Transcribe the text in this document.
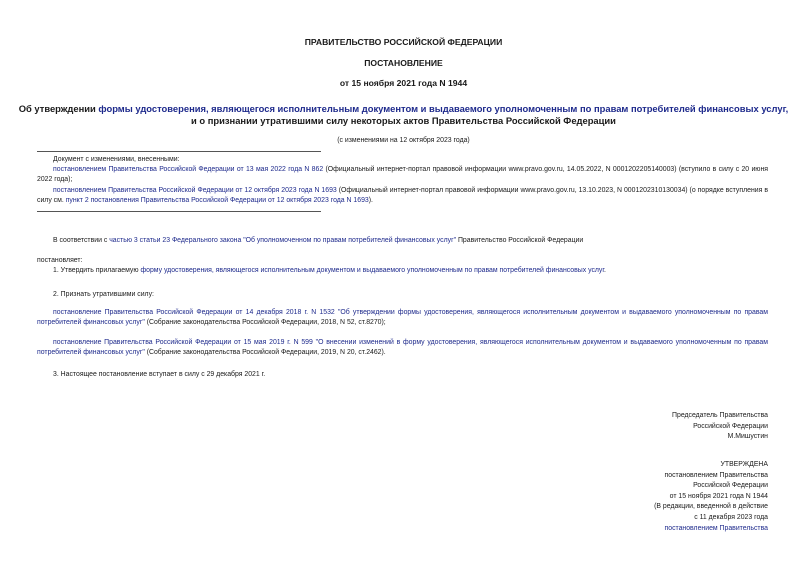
ПРАВИТЕЛЬСТВО РОССИЙСКОЙ ФЕДЕРАЦИИ
ПОСТАНОВЛЕНИЕ
от 15 ноября 2021 года N 1944
Об утверждении формы удостоверения, являющегося исполнительным документом и выдаваемого уполномоченным по правам потребителей финансовых услуг,
и о признании утратившими силу некоторых актов Правительства Российской Федерации
(с изменениями на 12 октября 2023 года)
Документ с изменениями, внесенными:
постановлением Правительства Российской Федерации от 13 мая 2022 года N 862 (Официальный интернет-портал правовой информации www.pravo.gov.ru, 14.05.2022, N 0001202205140003) (вступило в силу с 20 июня 2022 года);
постановлением Правительства Российской Федерации от 12 октября 2023 года N 1693 (Официальный интернет-портал правовой информации www.pravo.gov.ru, 13.10.2023, N 0001202310130034) (о порядке вступления в силу см. пункт 2 постановления Правительства Российской Федерации от 12 октября 2023 года N 1693).
В соответствии с частью 3 статьи 23 Федерального закона "Об уполномоченном по правам потребителей финансовых услуг" Правительство Российской Федерации
постановляет:
1. Утвердить прилагаемую форму удостоверения, являющегося исполнительным документом и выдаваемого уполномоченным по правам потребителей финансовых услуг.
2. Признать утратившими силу:
постановление Правительства Российской Федерации от 14 декабря 2018 г. N 1532 "Об утверждении формы удостоверения, являющегося исполнительным документом и выдаваемого уполномоченным по правам потребителей финансовых услуг" (Собрание законодательства Российской Федерации, 2018, N 52, ст.8270);
постановление Правительства Российской Федерации от 15 мая 2019 г. N 599 "О внесении изменений в форму удостоверения, являющегося исполнительным документом и выдаваемого уполномоченным по правам потребителей финансовых услуг" (Собрание законодательства Российской Федерации, 2019, N 20, ст.2462).
3. Настоящее постановление вступает в силу с 29 декабря 2021 г.
Председатель Правительства
Российской Федерации
М.Мишустин
УТВЕРЖДЕНА
постановлением Правительства
Российской Федерации
от 15 ноября 2021 года N 1944
(В редакции, введенной в действие
с 11 декабря 2023 года
постановлением Правительства
